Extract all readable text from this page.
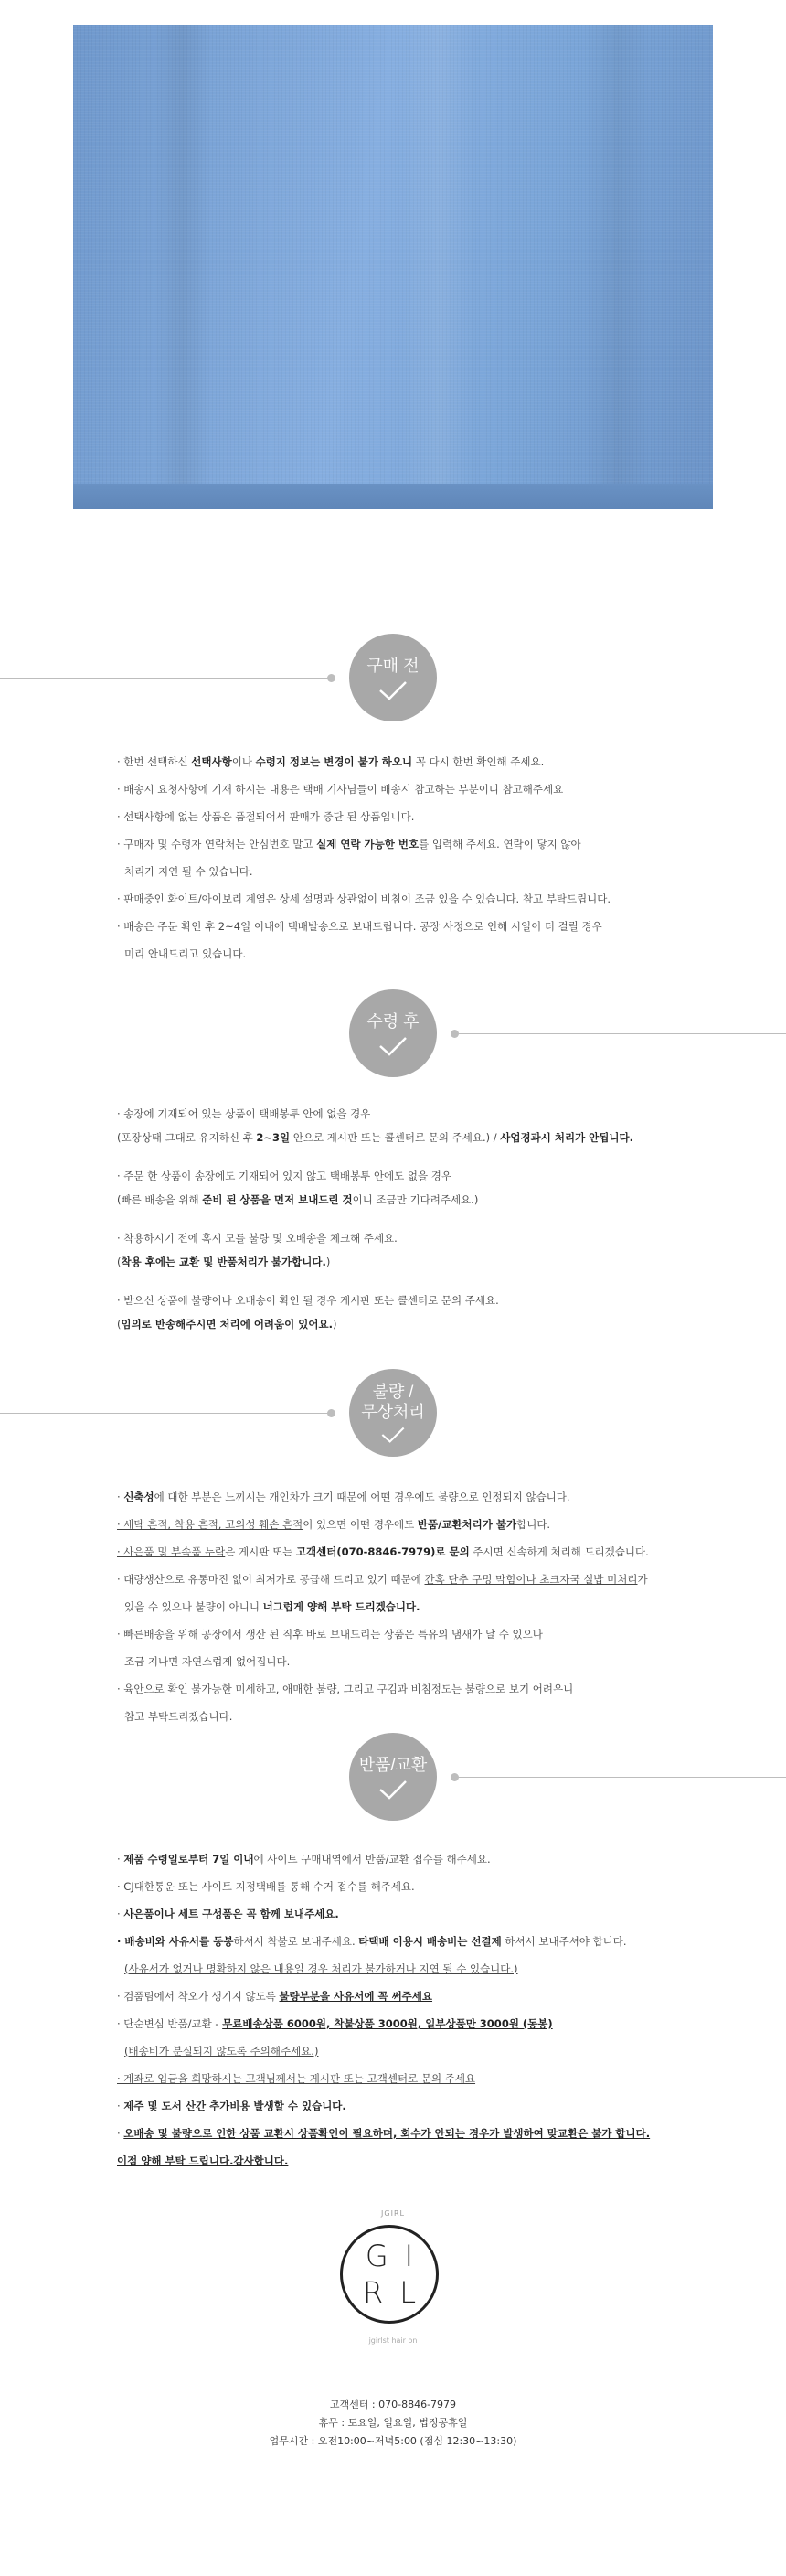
구매 전

· 한번 선택하신 선택사항이나 수령지 정보는 변경이 불가 하오니 꼭 다시 한번 확인해 주세요.

· 배송시 요청사항에 기재 하시는 내용은 택배 기사님들이 배송시 참고하는 부분이니 참고해주세요

· 선택사항에 없는 상품은 품절되어서 판매가 중단 된 상품입니다.

· 구매자 및 수령자 연락처는 안심번호 말고 실제 연락 가능한 번호를 입력해 주세요. 연락이 닿지 않아

처리가 지연 될 수 있습니다.

· 판매중인 화이트/아이보리 계열은 상세 설명과 상관없이 비침이 조금 있을 수 있습니다. 참고 부탁드립니다.

· 배송은 주문 확인 후 2~4일 이내에 택배발송으로 보내드립니다. 공장 사정으로 인해 시일이 더 걸릴 경우

미리 안내드리고 있습니다.

수령 후

· 송장에 기재되어 있는 상품이 택배봉투 안에 없을 경우

(포장상태 그대로 유지하신 후 2~3일 안으로 게시판 또는 콜센터로 문의 주세요.) / 사업경과시 처리가 안됩니다.

· 주문 한 상품이 송장에도 기재되어 있지 않고 택배봉투 안에도 없을 경우

(빠른 배송을 위해 준비 된 상품을 먼저 보내드린 것이니 조금만 기다려주세요.)

· 착용하시기 전에 혹시 모를 불량 및 오배송을 체크해 주세요.

(착용 후에는 교환 및 반품처리가 불가합니다.)

· 받으신 상품에 불량이나 오배송이 확인 될 경우 게시판 또는 콜센터로 문의 주세요.

(임의로 반송해주시면 처리에 어려움이 있어요.)

불량 /
무상처리

· 신축성에 대한 부분은 느끼시는 개인차가 크기 때문에 어떤 경우에도 불량으로 인정되지 않습니다.

· 세탁 흔적, 착용 흔적, 고의성 훼손 흔적이 있으면 어떤 경우에도 반품/교환처리가 불가합니다.

· 사은품 및 부속품 누락은 게시판 또는 고객센터(070-8846-7979)로 문의 주시면 신속하게 처리해 드리겠습니다.

· 대량생산으로 유통마진 없이 최저가로 공급해 드리고 있기 때문에 간혹 단추 구멍 막힘이나 초크자국 실밥 미처리가

있을 수 있으나 불량이 아니니 너그럽게 양해 부탁 드리겠습니다.

· 빠른배송을 위해 공장에서 생산 된 직후 바로 보내드리는 상품은 특유의 냄새가 날 수 있으나

조금 지나면 자연스럽게 없어집니다.

· 육안으로 확인 불가능한 미세하고, 애매한 불량, 그리고 구김과 비침정도는 불량으로 보기 어려우니

참고 부탁드리겠습니다.

반품/교환

· 제품 수령일로부터 7일 이내에 사이트 구매내역에서 반품/교환 접수를 해주세요.

· CJ대한통운 또는 사이트 지정택배를 통해 수거 접수를 해주세요.

· 사은품이나 세트 구성품은 꼭 함께 보내주세요.

· 배송비와 사유서를 동봉하셔서 착불로 보내주세요. 타택배 이용시 배송비는 선결제 하셔서 보내주셔야 합니다.

(사유서가 없거나 명확하지 않은 내용일 경우 처리가 불가하거나 지연 될 수 있습니다.)

· 검품팀에서 착오가 생기지 않도록 불량부분을 사유서에 꼭 써주세요

· 단순변심 반품/교환 - 무료배송상품 6000원, 착불상품 3000원, 일부상품만 3000원 (동봉)

(배송비가 분실되지 않도록 주의해주세요.)

· 계좌로 입금을 희망하시는 고객님께서는 게시판 또는 고객센터로 문의 주세요

· 제주 및 도서 산간 추가비용 발생할 수 있습니다.

· 오배송 및 불량으로 인한 상품 교환시 상품확인이 필요하며, 회수가 안되는 경우가 발생하여 맞교환은 불가 합니다.

이점 양해 부탁 드립니다.감사합니다.

JGIRL
GI
RL
jgirlst hair on

고객센터 : 070-8846-7979

휴무 : 토요일, 일요일, 법정공휴일

업무시간 : 오전10:00~저녁5:00 (점심 12:30~13:30)
